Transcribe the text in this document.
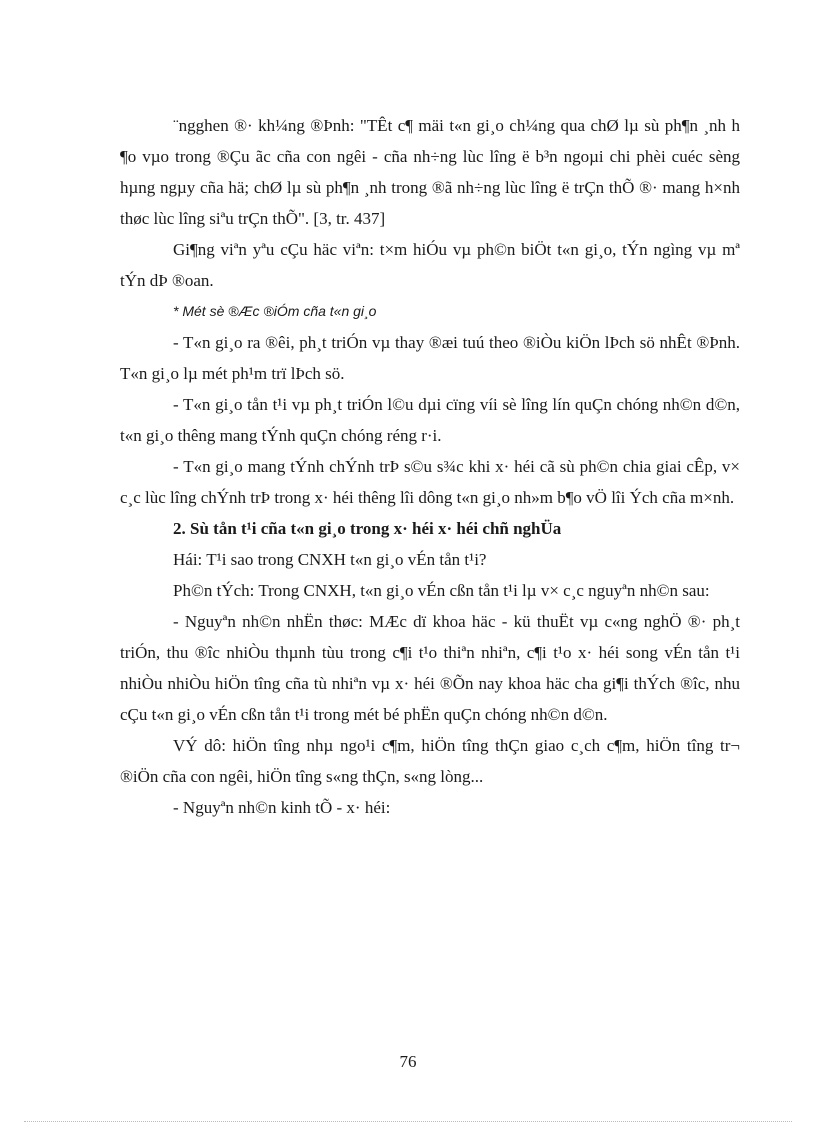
¨ngghen ®· kh¼ng ®Þnh: "TÊt c¶ mäi t«n gi¸o ch¼ng qua chØ lµ sù ph¶n ¸nh h ¶o vµo trong ®Çu ãc cña con ngêi - cña nh÷ng lùc lîng ë b³n ngoµi chi phèi cuéc sèng hµng ngµy cña hä; chØ lµ sù ph¶n ¸nh trong ®ã nh÷ng lùc lîng ë trÇn thÕ ®· mang h×nh thøc lùc lîng siªu trÇn thÕ". [3, tr. 437]

Gi¶ng viªn yªu cÇu häc viªn: t×m hiÓu vµ ph©n biÖt t«n gi¸o, tÝn ngìng vµ mª tÝn dÞ ®oan.

* Mét sè ®Æc ®iÓm cña t«n gi¸o

- T«n gi¸o ra ®êi, ph¸t triÓn vµ thay ®æi tuú theo ®iÒu kiÖn lÞch sö nhÊt ®Þnh. T«n gi¸o lµ mét ph¹m trï lÞch sö.

- T«n gi¸o tån t¹i vµ ph¸t triÓn l©u dµi cïng víi sè lîng lín quÇn chóng nh©n d©n, t«n gi¸o thêng mang tÝnh quÇn chóng réng r·i.

- T«n gi¸o mang tÝnh chÝnh trÞ s©u s¾c khi x· héi cã sù ph©n chia giai cÊp, v× c¸c lùc lîng chÝnh trÞ trong x· héi thêng lîi dông t«n gi¸o nh»m b¶o vÖ lîi Ých cña m×nh.

2. Sù tån t¹i cña t«n gi¸o trong x· héi x· héi chñ nghÜa

Hái: T¹i sao trong CNXH t«n gi¸o vÉn tån t¹i?

Ph©n tÝch: Trong CNXH, t«n gi¸o vÉn cßn tån t¹i lµ v× c¸c nguyªn nh©n sau:

- Nguyªn nh©n nhËn thøc: MÆc dï khoa häc - kü thuËt vµ c«ng nghÖ ®· ph¸t triÓn, thu ®îc nhiÒu thµnh tùu trong c¶i t¹o thiªn nhiªn, c¶i t¹o x· héi song vÉn tån t¹i nhiÒu nhiÒu hiÖn tîng cña tù nhiªn vµ x· héi ®Õn nay khoa häc cha gi¶i thÝch ®îc, nhu cÇu t«n gi¸o vÉn cßn tån t¹i trong mét bé phËn quÇn chóng nh©n d©n.

VÝ dô: hiÖn tîng nhµ ngo¹i c¶m, hiÖn tîng thÇn giao c¸ch c¶m, hiÖn tîng tr¬ ®iÖn cña con ngêi, hiÖn tîng s«ng thÇn, s«ng lòng...

- Nguyªn nh©n kinh tÕ - x· héi:

76
